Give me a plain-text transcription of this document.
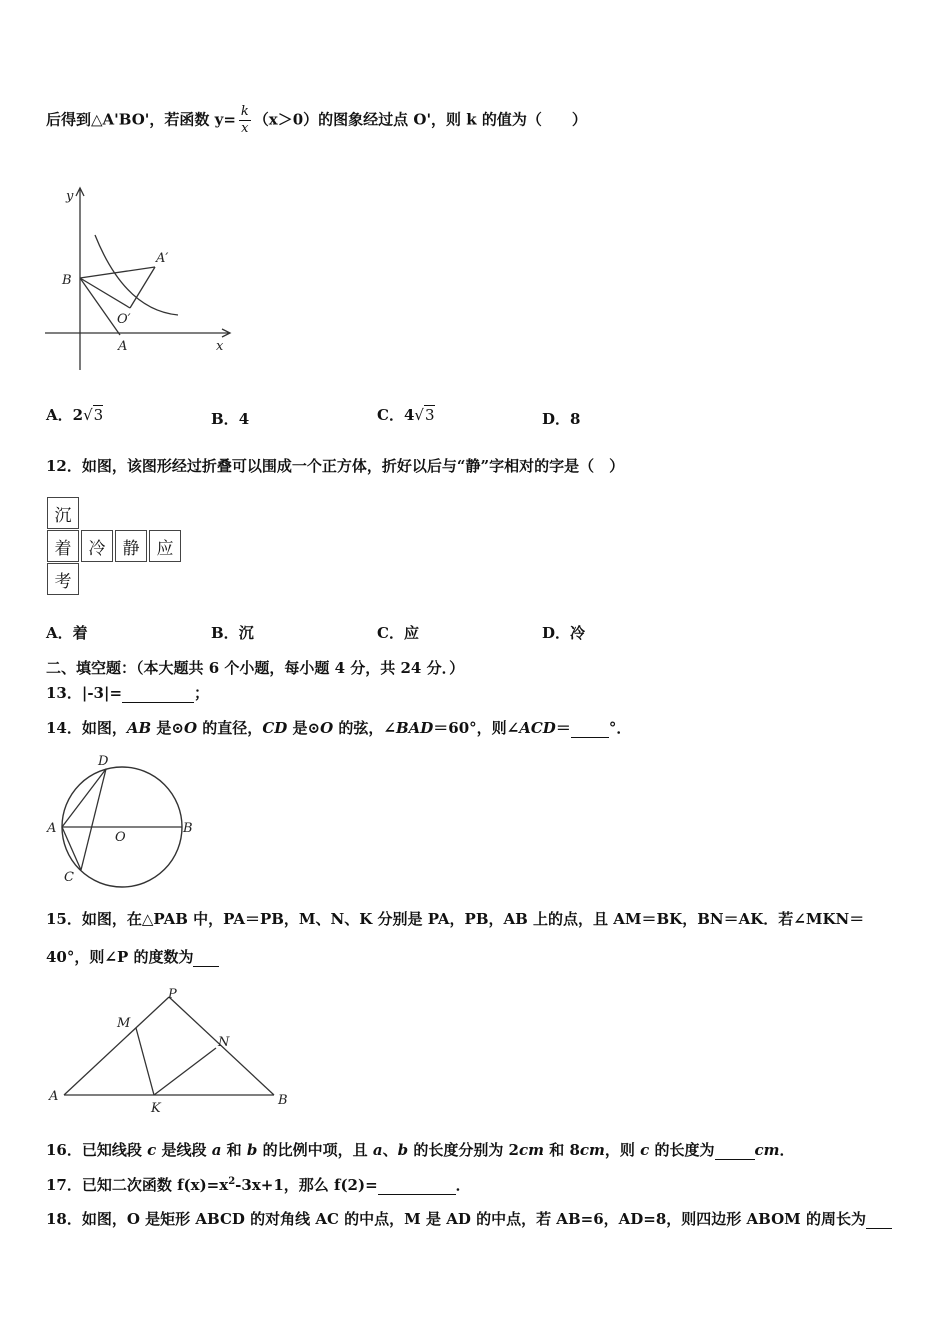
后得到△A'BO'，若函数 $y= \frac{k}{x} (x>0)$的图象经过点 O'，则 k 的值为（　　）
y
x
B
A
A′
O′
A．2√3	B．4	C．4√3	D．8
12．如图，该图形经过折叠可以围成一个正方体，折好以后与“静”字相对的字是（　）
沉
着	冷	静	应
考
A．着	B．沉	C．应	D．冷
二、填空题：（本大题共 6 个小题，每小题 4 分，共 24 分．）
13．|-3|=	；
14．如图，AB 是⊙O 的直径，CD 是⊙O 的弦，∠BAD＝60°，则∠ACD＝	°．
D
A
O
B
C
15．如图，在△PAB 中，PA＝PB，M、N、K 分别是 PA，PB，AB 上的点，且 AM＝BK，BN＝AK．若∠MKN＝
40°，则∠P 的度数为
P
M
N
A
K
B
16．已知线段 c 是线段 a 和 b 的比例中项，且 a、b 的长度分别为 2cm 和 8cm，则 c 的长度为	cm．
17．已知二次函数 $f(x)=x^2-3x+1$，那么 f(2)=	．
18．如图，O 是矩形 ABCD 的对角线 AC 的中点，M 是 AD 的中点，若 AB=6，AD=8，则四边形 ABOM 的周长为
